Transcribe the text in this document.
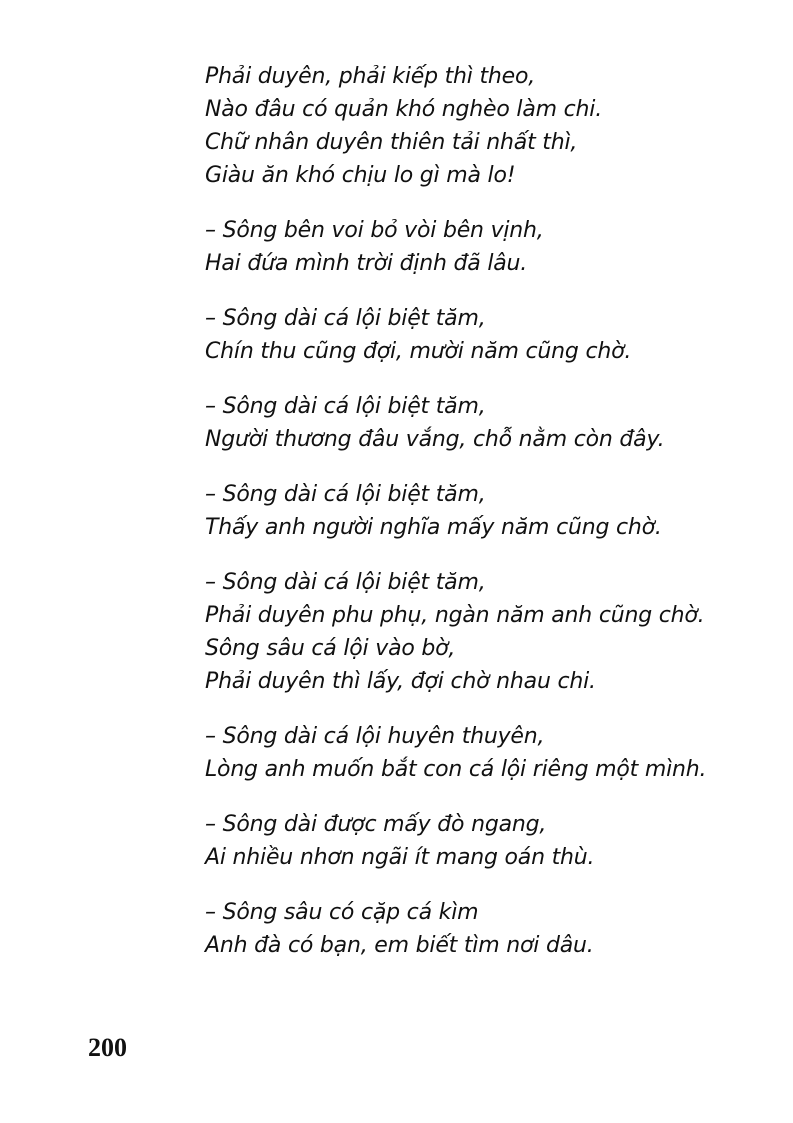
Phải duyên, phải kiếp thì theo,
Nào đâu có quản khó nghèo làm chi.
Chữ nhân duyên thiên tải nhất thì,
Giàu ăn khó chịu lo gì mà lo!
– Sông bên voi bỏ vòi bên vịnh,
Hai đứa mình trời định đã lâu.
– Sông dài cá lội biệt tăm,
Chín thu cũng đợi, mười năm cũng chờ.
– Sông dài cá lội biệt tăm,
Người thương đâu vắng, chỗ nằm còn đây.
– Sông dài cá lội biệt tăm,
Thấy anh người nghĩa mấy năm cũng chờ.
– Sông dài cá lội biệt tăm,
Phải duyên phu phụ, ngàn năm anh cũng chờ.
Sông sâu cá lội vào bờ,
Phải duyên thì lấy, đợi chờ nhau chi.
– Sông dài cá lội huyên thuyên,
Lòng anh muốn bắt con cá lội riêng một mình.
– Sông dài được mấy đò ngang,
Ai nhiều nhơn ngãi ít mang oán thù.
– Sông sâu có cặp cá kìm
Anh đà có bạn, em biết tìm nơi dâu.
200
